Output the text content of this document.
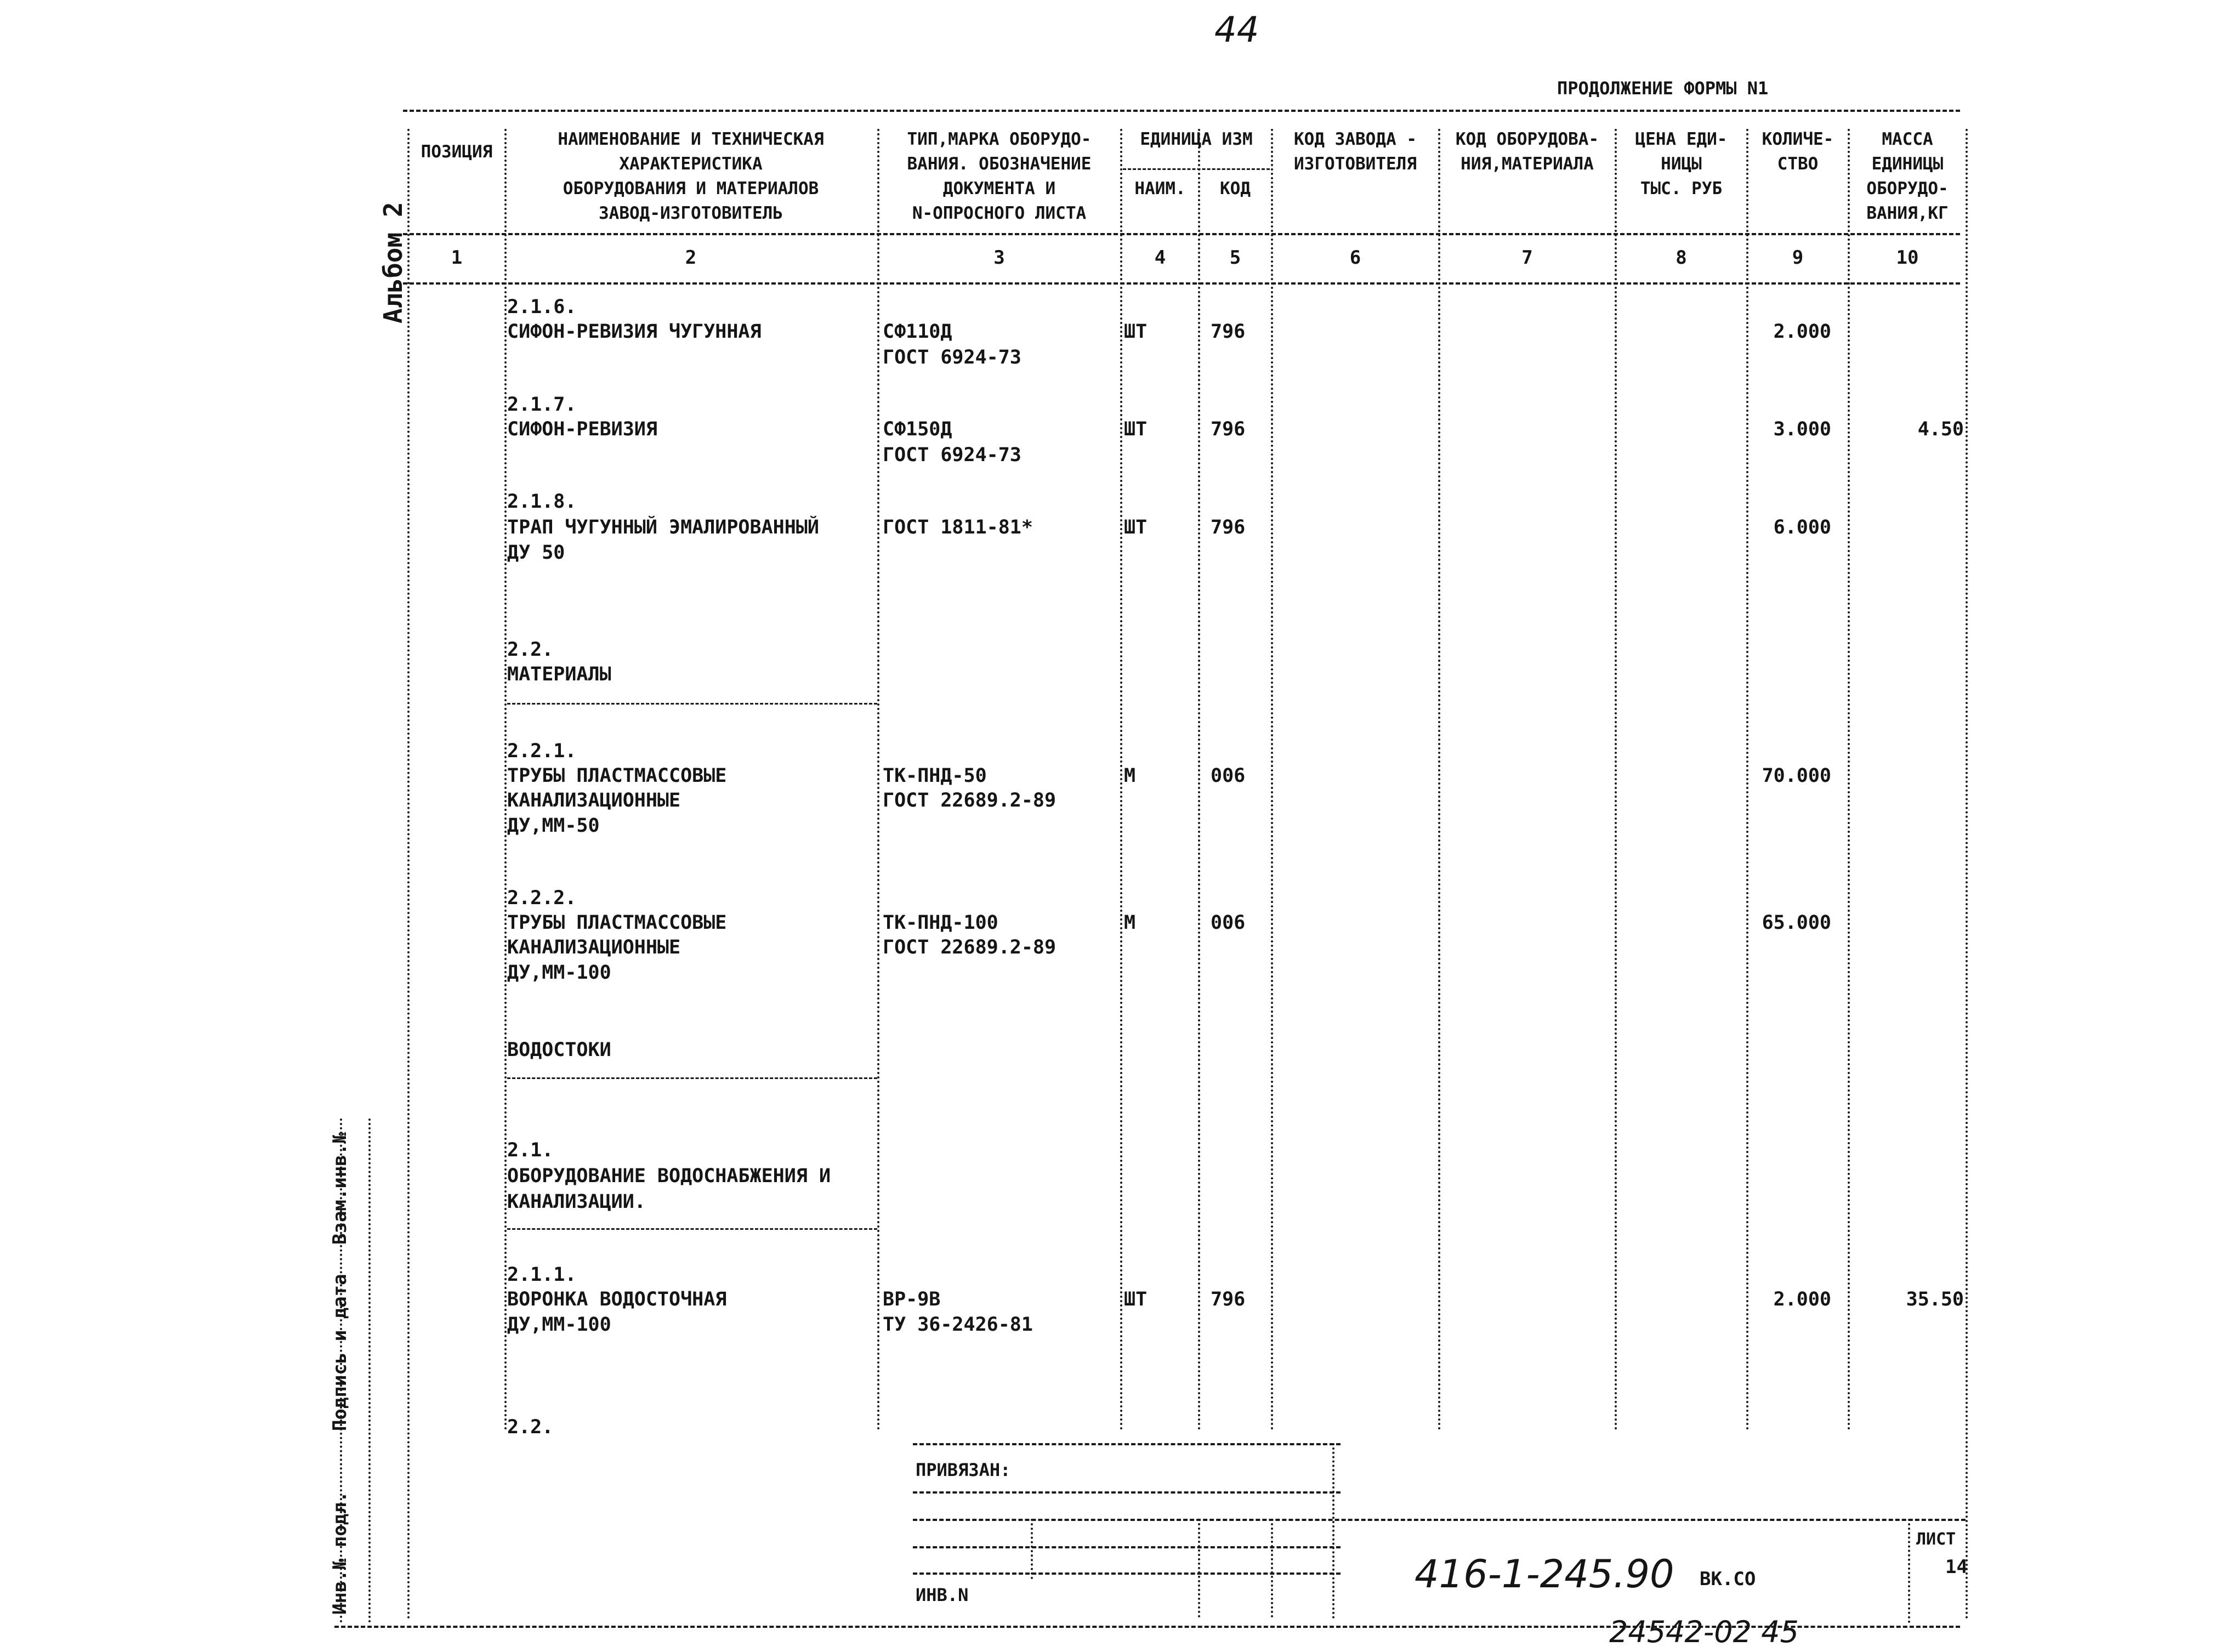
44
ПРОДОЛЖЕНИЕ ФОРМЫ N1
ПОЗИЦИЯ
НАИМЕНОВАНИЕ И ТЕХНИЧЕСКАЯ
ХАРАКТЕРИСТИКА
ОБОРУДОВАНИЯ И МАТЕРИАЛОВ
ЗАВОД-ИЗГОТОВИТЕЛЬ
ТИП,МАРКА ОБОРУДО-
ВАНИЯ. ОБОЗНАЧЕНИЕ
ДОКУМЕНТА И
N-ОПРОСНОГО ЛИСТА
ЕДИНИЦА ИЗМ
НАИМ.	КОД
КОД ЗАВОДА -
ИЗГОТОВИТЕЛЯ
КОД ОБОРУДОВА-
НИЯ,МАТЕРИАЛА
ЦЕНА ЕДИ-
НИЦЫ
ТЫС. РУБ
КОЛИЧЕ-
СТВО
МАССА
ЕДИНИЦЫ
ОБОРУДО-
ВАНИЯ,КГ
1	2	3	4	5	6	7	8	9	10
2.1.6.
СИФОН-РЕВИЗИЯ ЧУГУННАЯ	СФ110Д
ГОСТ 6924-73
ШТ	796	2.000
2.1.7.
СИФОН-РЕВИЗИЯ	СФ150Д
ГОСТ 6924-73
ШТ	796	3.000	4.50
2.1.8.
ТРАП ЧУГУННЫЙ ЭМАЛИРОВАННЫЙ
ДУ 50
ГОСТ 1811-81*	ШТ	796	6.000
2.2.
МАТЕРИАЛЫ
2.2.1.
ТРУБЫ ПЛАСТМАССОВЫЕ
КАНАЛИЗАЦИОННЫЕ
ДУ,ММ-50
ТК-ПНД-50
ГОСТ 22689.2-89
М	006	70.000
2.2.2.
ТРУБЫ ПЛАСТМАССОВЫЕ
КАНАЛИЗАЦИОННЫЕ
ДУ,ММ-100
ТК-ПНД-100
ГОСТ 22689.2-89
М	006	65.000
ВОДОСТОКИ
2.1.
ОБОРУДОВАНИЕ ВОДОСНАБЖЕНИЯ И
КАНАЛИЗАЦИИ.
2.1.1.
ВОРОНКА ВОДОСТОЧНАЯ
ДУ,ММ-100
ВР-9В
ТУ 36-2426-81
ШТ	796	2.000	35.50
2.2.
Альбом 2
Инв.№ подл.
Подпись и дата
Взам.инв.№
ПРИВЯЗАН:
ИНВ.N	416-1-245.90 ВК.СО
ЛИСТ
14
24542-02 45
